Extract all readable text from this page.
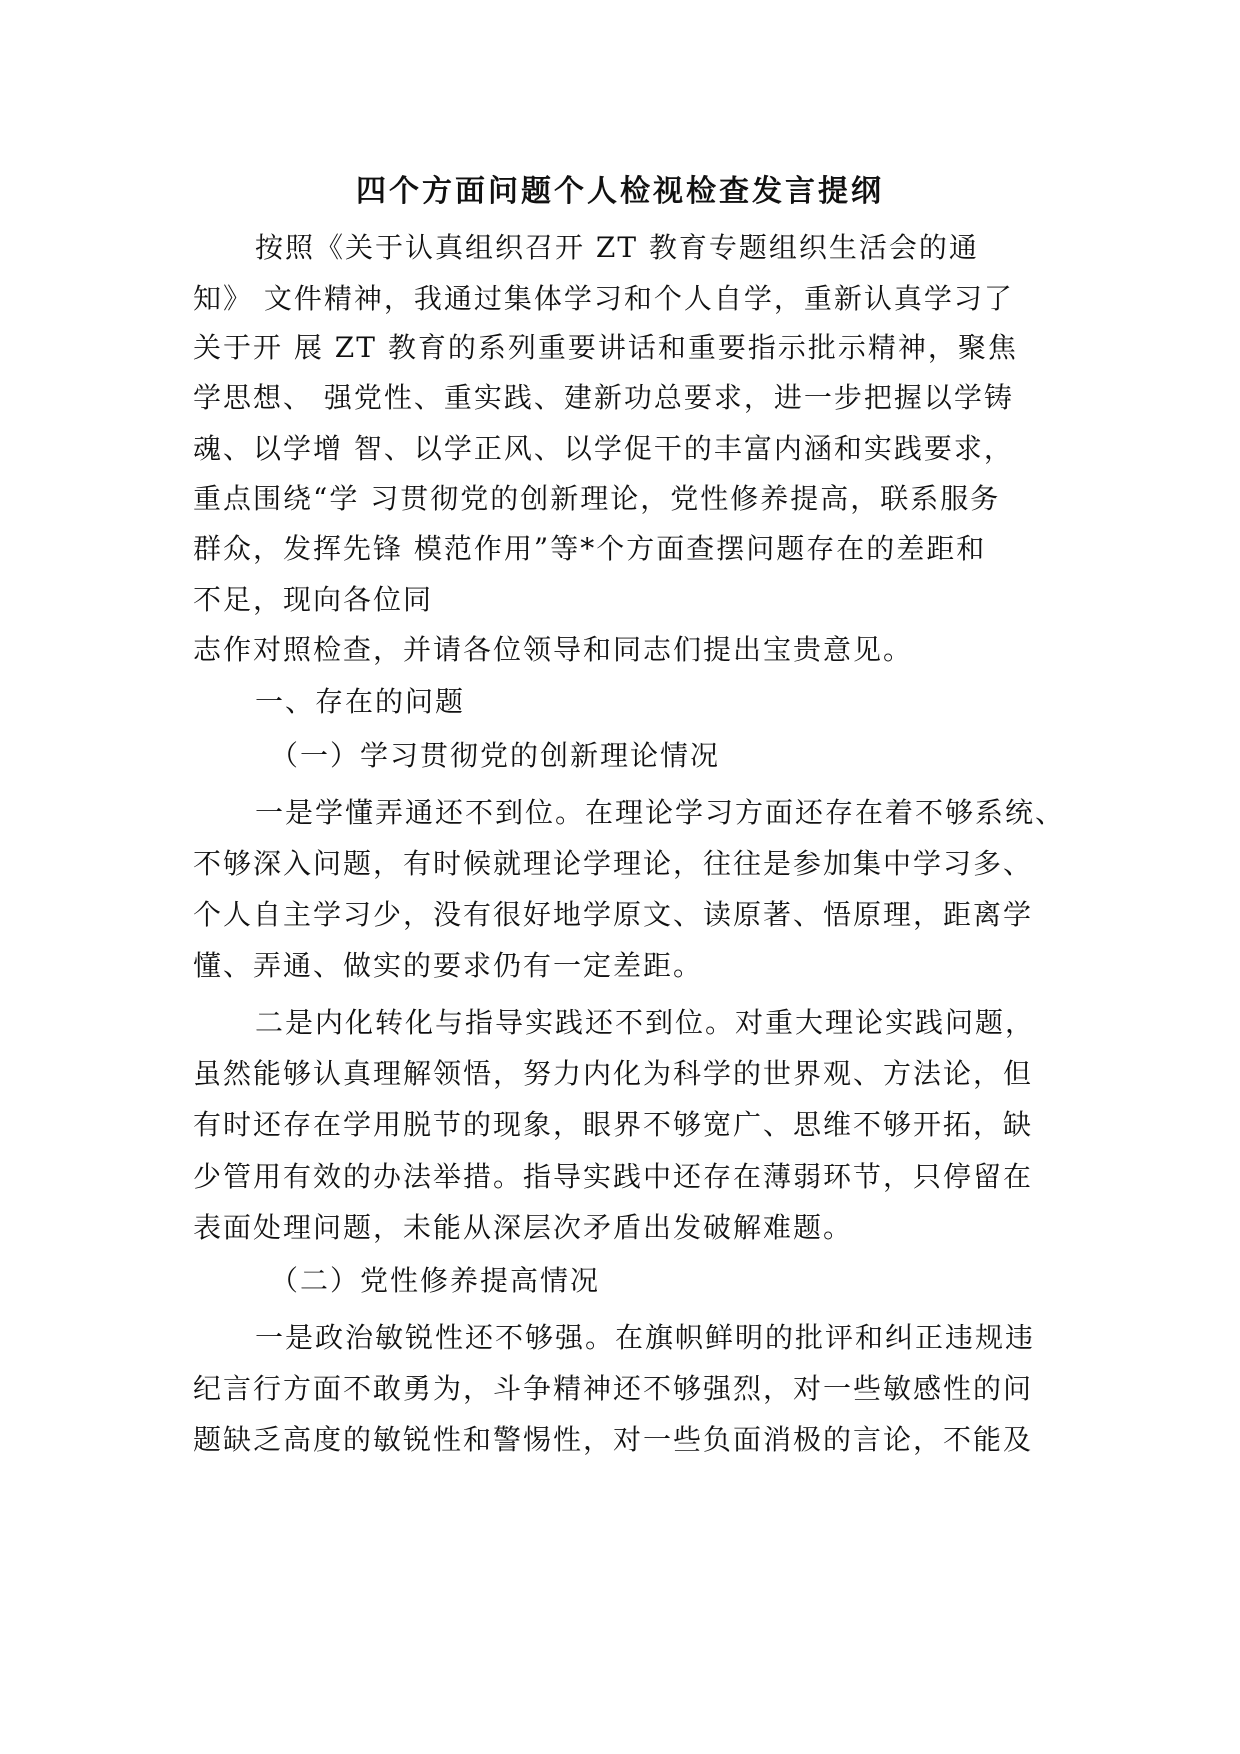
四个方面问题个人检视检查发言提纲
按照《关于认真组织召开 ZT 教育专题组织生活会的通
知》 文件精神，我通过集体学习和个人自学，重新认真学习了
关于开 展 ZT 教育的系列重要讲话和重要指示批示精神，聚焦
学思想、 强党性、重实践、建新功总要求，进一步把握以学铸
魂、以学增 智、以学正风、以学促干的丰富内涵和实践要求，
重点围绕“学 习贯彻党的创新理论，党性修养提高，联系服务
群众，发挥先锋 模范作用”等*个方面查摆问题存在的差距和
不足，现向各位同
志作对照检查，并请各位领导和同志们提出宝贵意见。
一、存在的问题
（一）学习贯彻党的创新理论情况
一是学懂弄通还不到位。在理论学习方面还存在着不够系统、
不够深入问题，有时候就理论学理论，往往是参加集中学习多、
个人自主学习少，没有很好地学原文、读原著、悟原理，距离学
懂、弄通、做实的要求仍有一定差距。
二是内化转化与指导实践还不到位。对重大理论实践问题，
虽然能够认真理解领悟，努力内化为科学的世界观、方法论，但
有时还存在学用脱节的现象，眼界不够宽广、思维不够开拓，缺
少管用有效的办法举措。指导实践中还存在薄弱环节，只停留在
表面处理问题，未能从深层次矛盾出发破解难题。
（二）党性修养提高情况
一是政治敏锐性还不够强。在旗帜鲜明的批评和纠正违规违
纪言行方面不敢勇为，斗争精神还不够强烈，对一些敏感性的问
题缺乏高度的敏锐性和警惕性，对一些负面消极的言论，不能及
